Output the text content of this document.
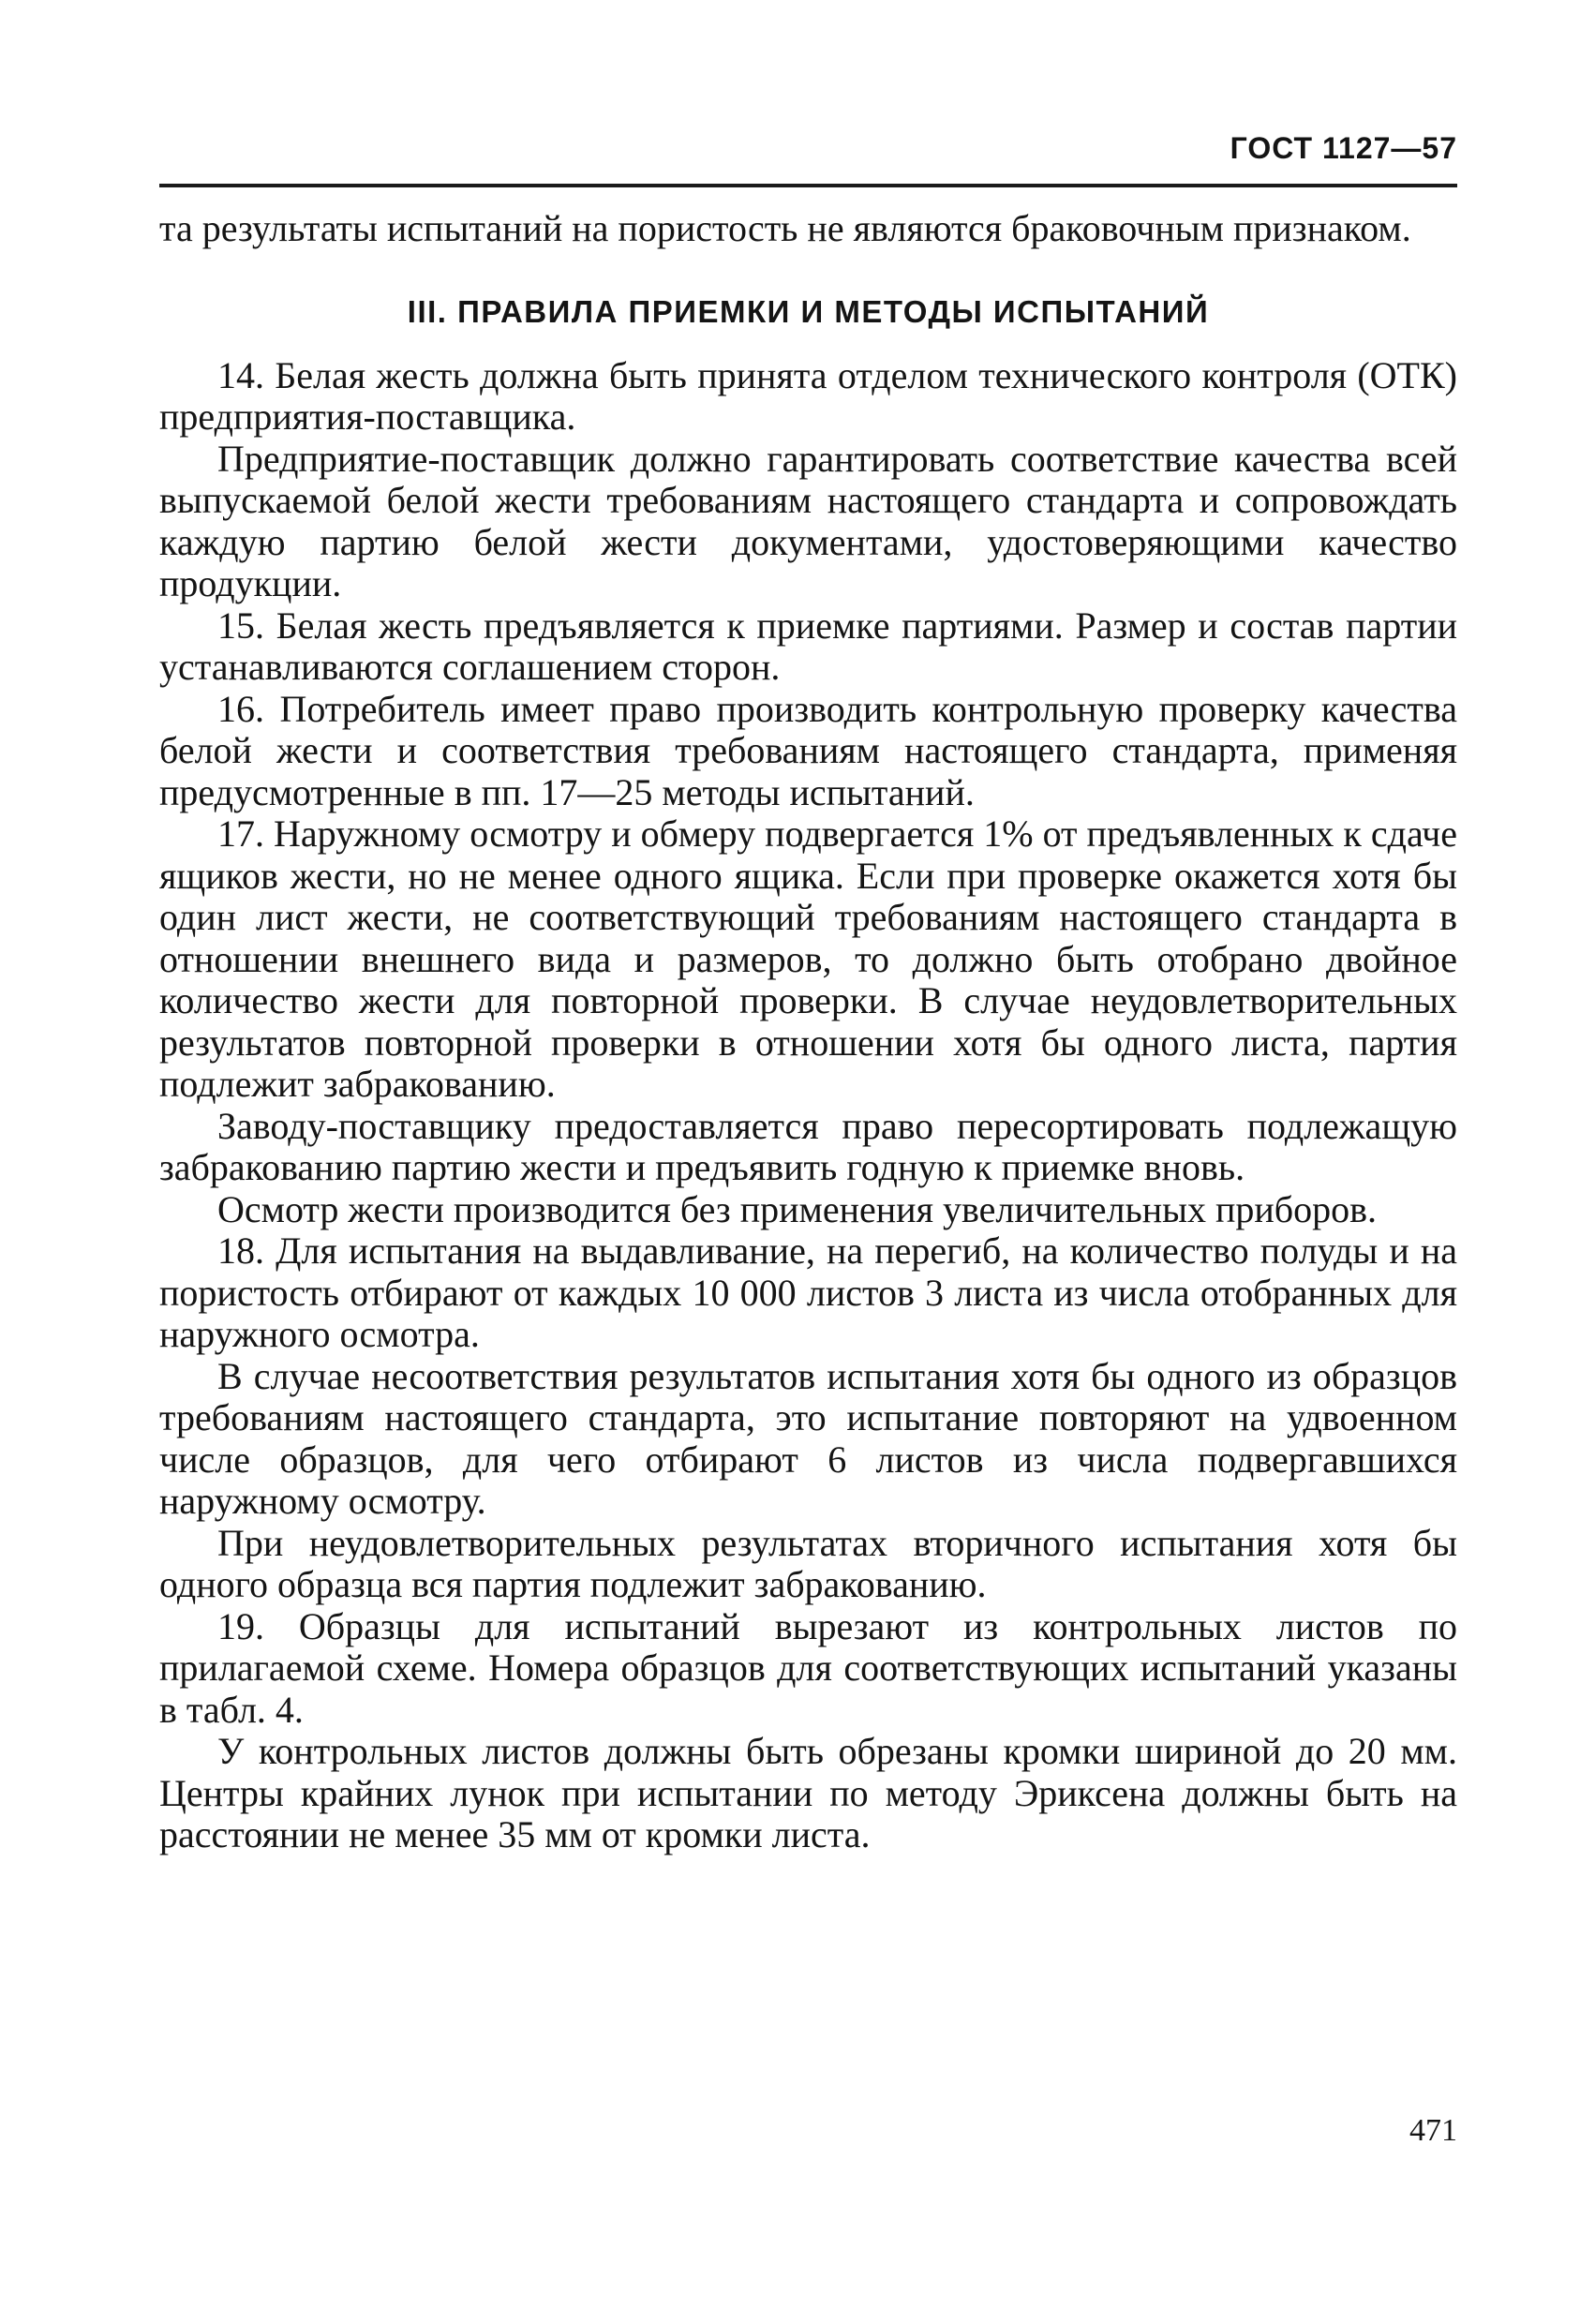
ГОСТ 1127—57

та результаты испытаний на пористость не являются браковочным признаком.

III. ПРАВИЛА ПРИЕМКИ И МЕТОДЫ ИСПЫТАНИЙ

14. Белая жесть должна быть принята отделом технического контроля (ОТК) предприятия-поставщика.

Предприятие-поставщик должно гарантировать соответствие качества всей выпускаемой белой жести требованиям настоящего стандарта и сопровождать каждую партию белой жести документами, удостоверяющими качество продукции.

15. Белая жесть предъявляется к приемке партиями. Размер и состав партии устанавливаются соглашением сторон.

16. Потребитель имеет право производить контрольную проверку качества белой жести и соответствия требованиям настоящего стандарта, применяя предусмотренные в пп. 17—25 методы испытаний.

17. Наружному осмотру и обмеру подвергается 1% от предъявленных к сдаче ящиков жести, но не менее одного ящика. Если при проверке окажется хотя бы один лист жести, не соответствующий требованиям настоящего стандарта в отношении внешнего вида и размеров, то должно быть отобрано двойное количество жести для повторной проверки. В случае неудовлетворительных результатов повторной проверки в отношении хотя бы одного листа, партия подлежит забракованию.

Заводу-поставщику предоставляется право пересортировать подлежащую забракованию партию жести и предъявить годную к приемке вновь.

Осмотр жести производится без применения увеличительных приборов.

18. Для испытания на выдавливание, на перегиб, на количество полуды и на пористость отбирают от каждых 10 000 листов 3 листа из числа отобранных для наружного осмотра.

В случае несоответствия результатов испытания хотя бы одного из образцов требованиям настоящего стандарта, это испытание повторяют на удвоенном числе образцов, для чего отбирают 6 листов из числа подвергавшихся наружному осмотру.

При неудовлетворительных результатах вторичного испытания хотя бы одного образца вся партия подлежит забракованию.

19. Образцы для испытаний вырезают из контрольных листов по прилагаемой схеме. Номера образцов для соответствующих испытаний указаны в табл. 4.

У контрольных листов должны быть обрезаны кромки шириной до 20 мм. Центры крайних лунок при испытании по методу Эриксена должны быть на расстоянии не менее 35 мм от кромки листа.

471
